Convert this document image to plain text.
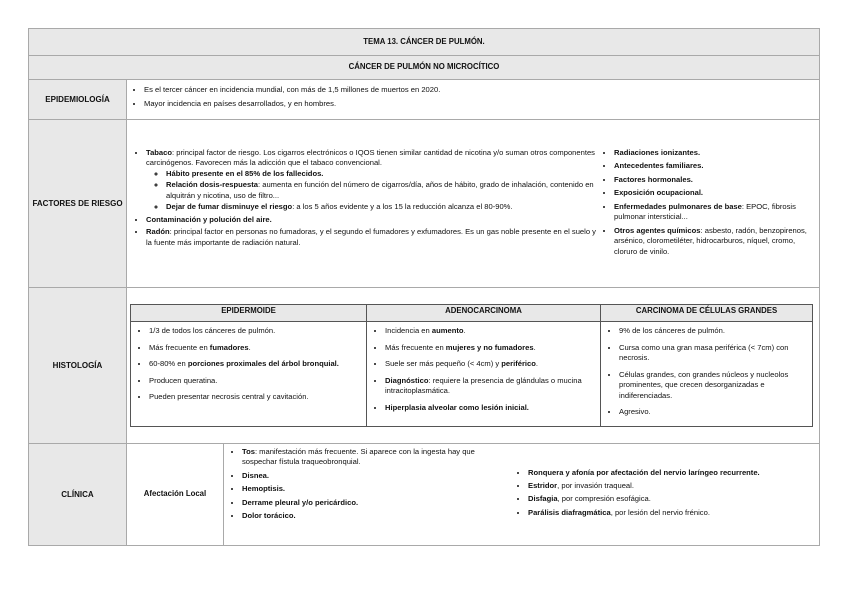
TEMA 13. CÁNCER DE PULMÓN.
CÁNCER DE PULMÓN NO MICROCÍTICO
EPIDEMIOLOGÍA	
• Es el tercer cáncer en incidencia mundial, con más de 1,5 millones de muertos en 2020.
• Mayor incidencia en países desarrollados, y en hombres.

FACTORES DE RIESGO	
• Tabaco: principal factor de riesgo. Los cigarros electrónicos o IQOS tienen similar cantidad de nicotina y/o suman otros componentes carcinógenos. Favorecen más la adicción que el tabaco convencional.
◦ Hábito presente en el 85% de los fallecidos.
◦ Relación dosis-respuesta: aumenta en función del número de cigarros/día, años de hábito, grado de inhalación, contenido en alquitrán y nicotina, uso de filtro...
◦ Dejar de fumar disminuye el riesgo: a los 5 años evidente y a los 15 la reducción alcanza el 80-90%.
• Contaminación y polución del aire.
• Radón: principal factor en personas no fumadoras, y el segundo el fumadores y exfumadores. Es un gas noble presente en el suelo y la fuente más importante de radiación natural.
• Radiaciones ionizantes.
• Antecedentes familiares.
• Factores hormonales.
• Exposición ocupacional.
• Enfermedades pulmonares de base: EPOC, fibrosis pulmonar intersticial...
• Otros agentes químicos: asbesto, radón, benzopirenos, arsénico, clorometiléter, hidrocarburos, níquel, cromo, cloruro de vinilo.

HISTOLOGÍA	
EPIDERMOIDE	ADENOCARCINOMA	CARCINOMA DE CÉLULAS GRANDES

• 1/3 de todos los cánceres de pulmón.
• Más frecuente en fumadores.
• 60-80% en porciones proximales del árbol bronquial.
• Producen queratina.
• Pueden presentar necrosis central y cavitación.

• Incidencia en aumento.
• Más frecuente en mujeres y no fumadores.
• Suele ser más pequeño (< 4cm) y periférico.
• Diagnóstico: requiere la presencia de glándulas o mucina intracitoplasmática.
• Hiperplasia alveolar como lesión inicial.

• 9% de los cánceres de pulmón.
• Cursa como una gran masa periférica (< 7cm) con necrosis.
• Células grandes, con grandes núcleos y nucleolos prominentes, que crecen desorganizadas e indiferenciadas.
• Agresivo.

CLÍNICA	Afectación Local
• Tos: manifestación más frecuente. Si aparece con la ingesta hay que sospechar fístula traqueobronquial.
• Disnea.
• Hemoptisis.
• Derrame pleural y/o pericárdico.
• Dolor torácico.
• Ronquera y afonía por afectación del nervio laríngeo recurrente.
• Estridor, por invasión traqueal.
• Disfagia, por compresión esofágica.
• Parálisis diafragmática, por lesión del nervio frénico.
